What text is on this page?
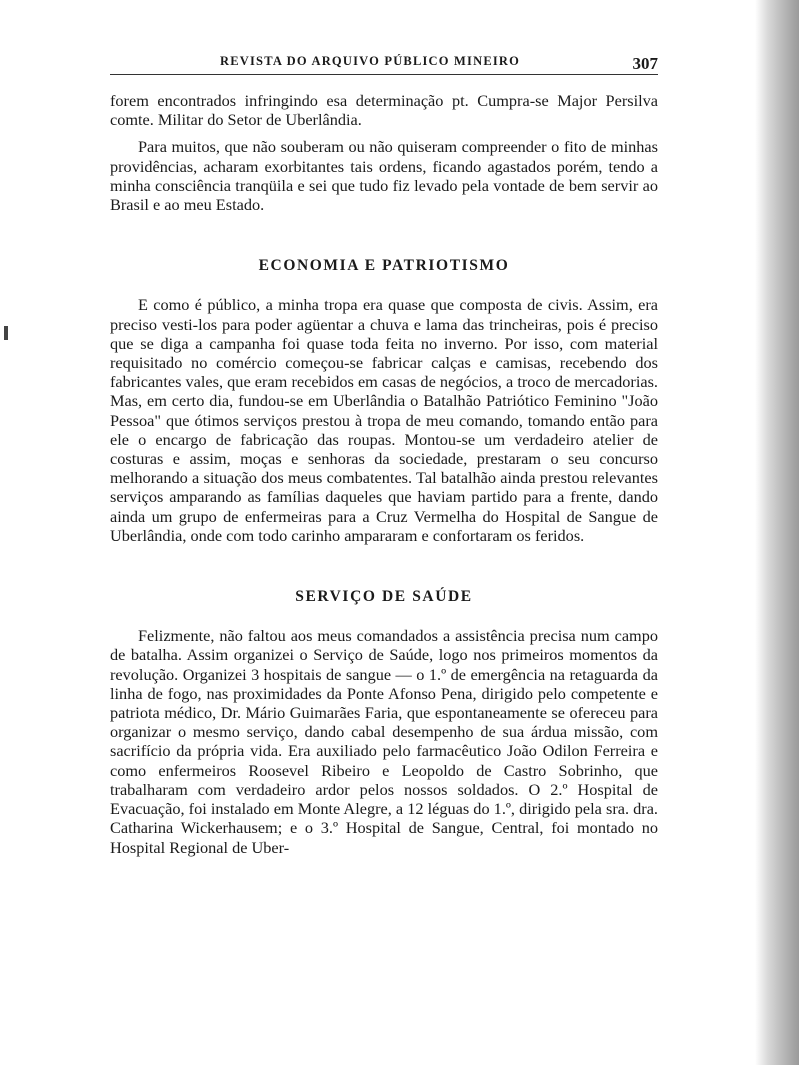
REVISTA DO ARQUIVO PÚBLICO MINEIRO	307

forem encontrados infringindo esa determinação pt. Cumpra-se Major Persilva comte. Militar do Setor de Uberlândia.

Para muitos, que não souberam ou não quiseram compreender o fito de minhas providências, acharam exorbitantes tais ordens, ficando agastados porém, tendo a minha consciência tranqüila e sei que tudo fiz levado pela vontade de bem servir ao Brasil e ao meu Estado.

ECONOMIA E PATRIOTISMO

E como é público, a minha tropa era quase que composta de civis. Assim, era preciso vesti-los para poder agüentar a chuva e lama das trincheiras, pois é preciso que se diga a campanha foi quase toda feita no inverno. Por isso, com material requisitado no comércio começou-se fabricar calças e camisas, recebendo dos fabricantes vales, que eram recebidos em casas de negócios, a troco de mercadorias. Mas, em certo dia, fundou-se em Uberlândia o Batalhão Patriótico Feminino "João Pessoa" que ótimos serviços prestou à tropa de meu comando, tomando então para ele o encargo de fabricação das roupas. Montou-se um verdadeiro atelier de costuras e assim, moças e senhoras da sociedade, prestaram o seu concurso melhorando a situação dos meus combatentes. Tal batalhão ainda prestou relevantes serviços amparando as famílias daqueles que haviam partido para a frente, dando ainda um grupo de enfermeiras para a Cruz Vermelha do Hospital de Sangue de Uberlândia, onde com todo carinho ampararam e confortaram os feridos.

SERVIÇO DE SAÚDE

Felizmente, não faltou aos meus comandados a assistência precisa num campo de batalha. Assim organizei o Serviço de Saúde, logo nos primeiros momentos da revolução. Organizei 3 hospitais de sangue — o 1.º de emergência na retaguarda da linha de fogo, nas proximidades da Ponte Afonso Pena, dirigido pelo competente e patriota médico, Dr. Mário Guimarães Faria, que espontaneamente se ofereceu para organizar o mesmo serviço, dando cabal desempenho de sua árdua missão, com sacrifício da própria vida. Era auxiliado pelo farmacêutico João Odilon Ferreira e como enfermeiros Roosevel Ribeiro e Leopoldo de Castro Sobrinho, que trabalharam com verdadeiro ardor pelos nossos soldados. O 2.º Hospital de Evacuação, foi instalado em Monte Alegre, a 12 léguas do 1.º, dirigido pela sra. dra. Catharina Wickerhausem; e o 3.º Hospital de Sangue, Central, foi montado no Hospital Regional de Uber-
